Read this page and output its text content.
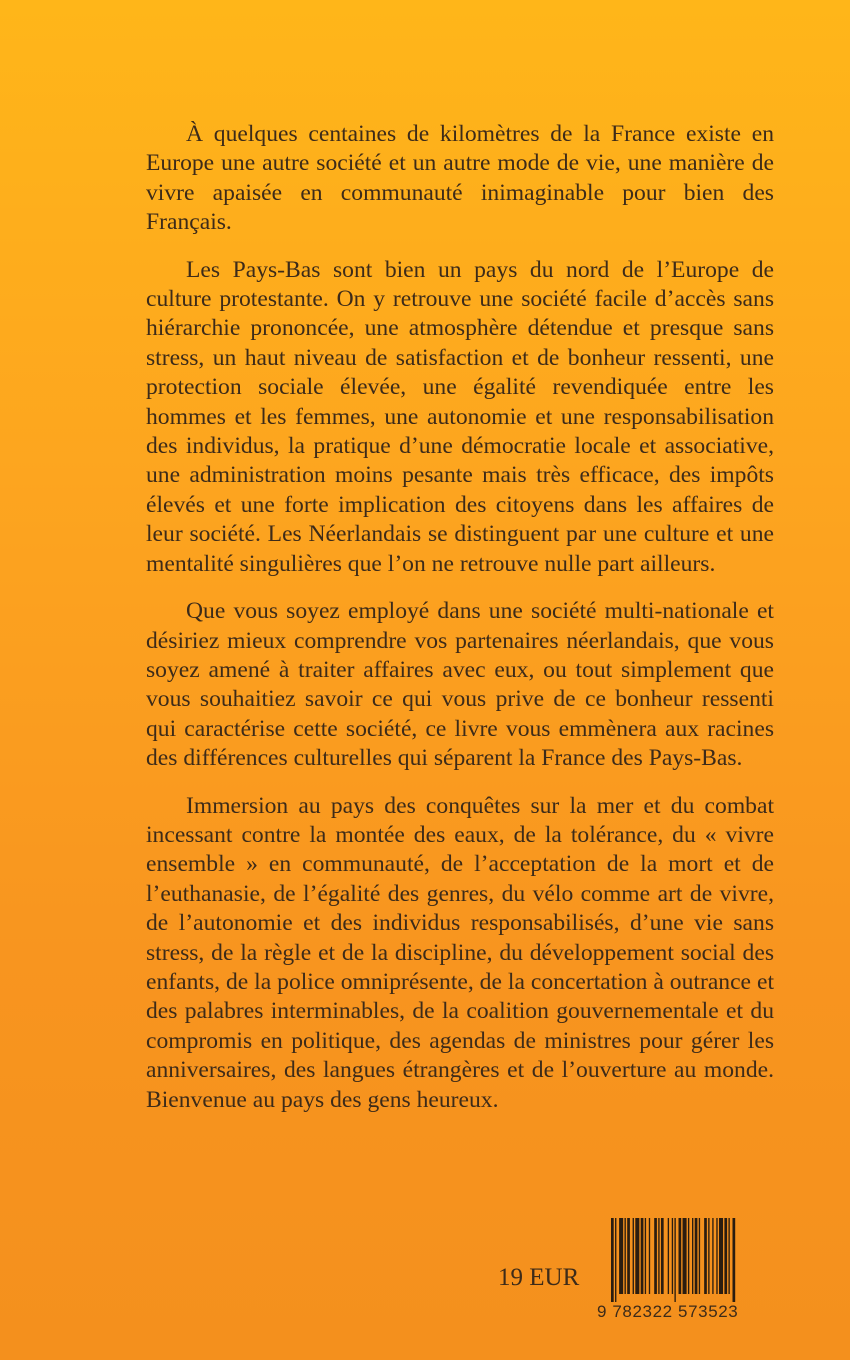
À quelques centaines de kilomètres de la France existe en Europe une autre société et un autre mode de vie, une manière de vivre apaisée en communauté inimaginable pour bien des Français.

Les Pays-Bas sont bien un pays du nord de l’Europe de culture protestante. On y retrouve une société facile d’accès sans hiérarchie prononcée, une atmosphère détendue et presque sans stress, un haut niveau de satisfaction et de bonheur ressenti, une protection sociale élevée, une égalité revendiquée entre les hommes et les femmes, une autonomie et une responsabilisation des individus, la pratique d’une démocratie locale et associative, une administration moins pesante mais très efficace, des impôts élevés et une forte implication des citoyens dans les affaires de leur société. Les Néerlandais se distinguent par une culture et une mentalité singulières que l’on ne retrouve nulle part ailleurs.

Que vous soyez employé dans une société multi-nationale et désiriez mieux comprendre vos partenaires néerlandais, que vous soyez amené à traiter affaires avec eux, ou tout simplement que vous souhaitiez savoir ce qui vous prive de ce bonheur ressenti qui caractérise cette société, ce livre vous emmènera aux racines des différences culturelles qui séparent la France des Pays-Bas.

Immersion au pays des conquêtes sur la mer et du combat incessant contre la montée des eaux, de la tolérance, du « vivre ensemble » en communauté, de l’acceptation de la mort et de l’euthanasie, de l’égalité des genres, du vélo comme art de vivre, de l’autonomie et des individus responsabilisés, d’une vie sans stress, de la règle et de la discipline, du développement social des enfants, de la police omniprésente, de la concertation à outrance et des palabres interminables, de la coalition gouvernementale et du compromis en politique, des agendas de ministres pour gérer les anniversaires, des langues étrangères et de l’ouverture au monde. Bienvenue au pays des gens heureux.

19 EUR
9 782322 573523
